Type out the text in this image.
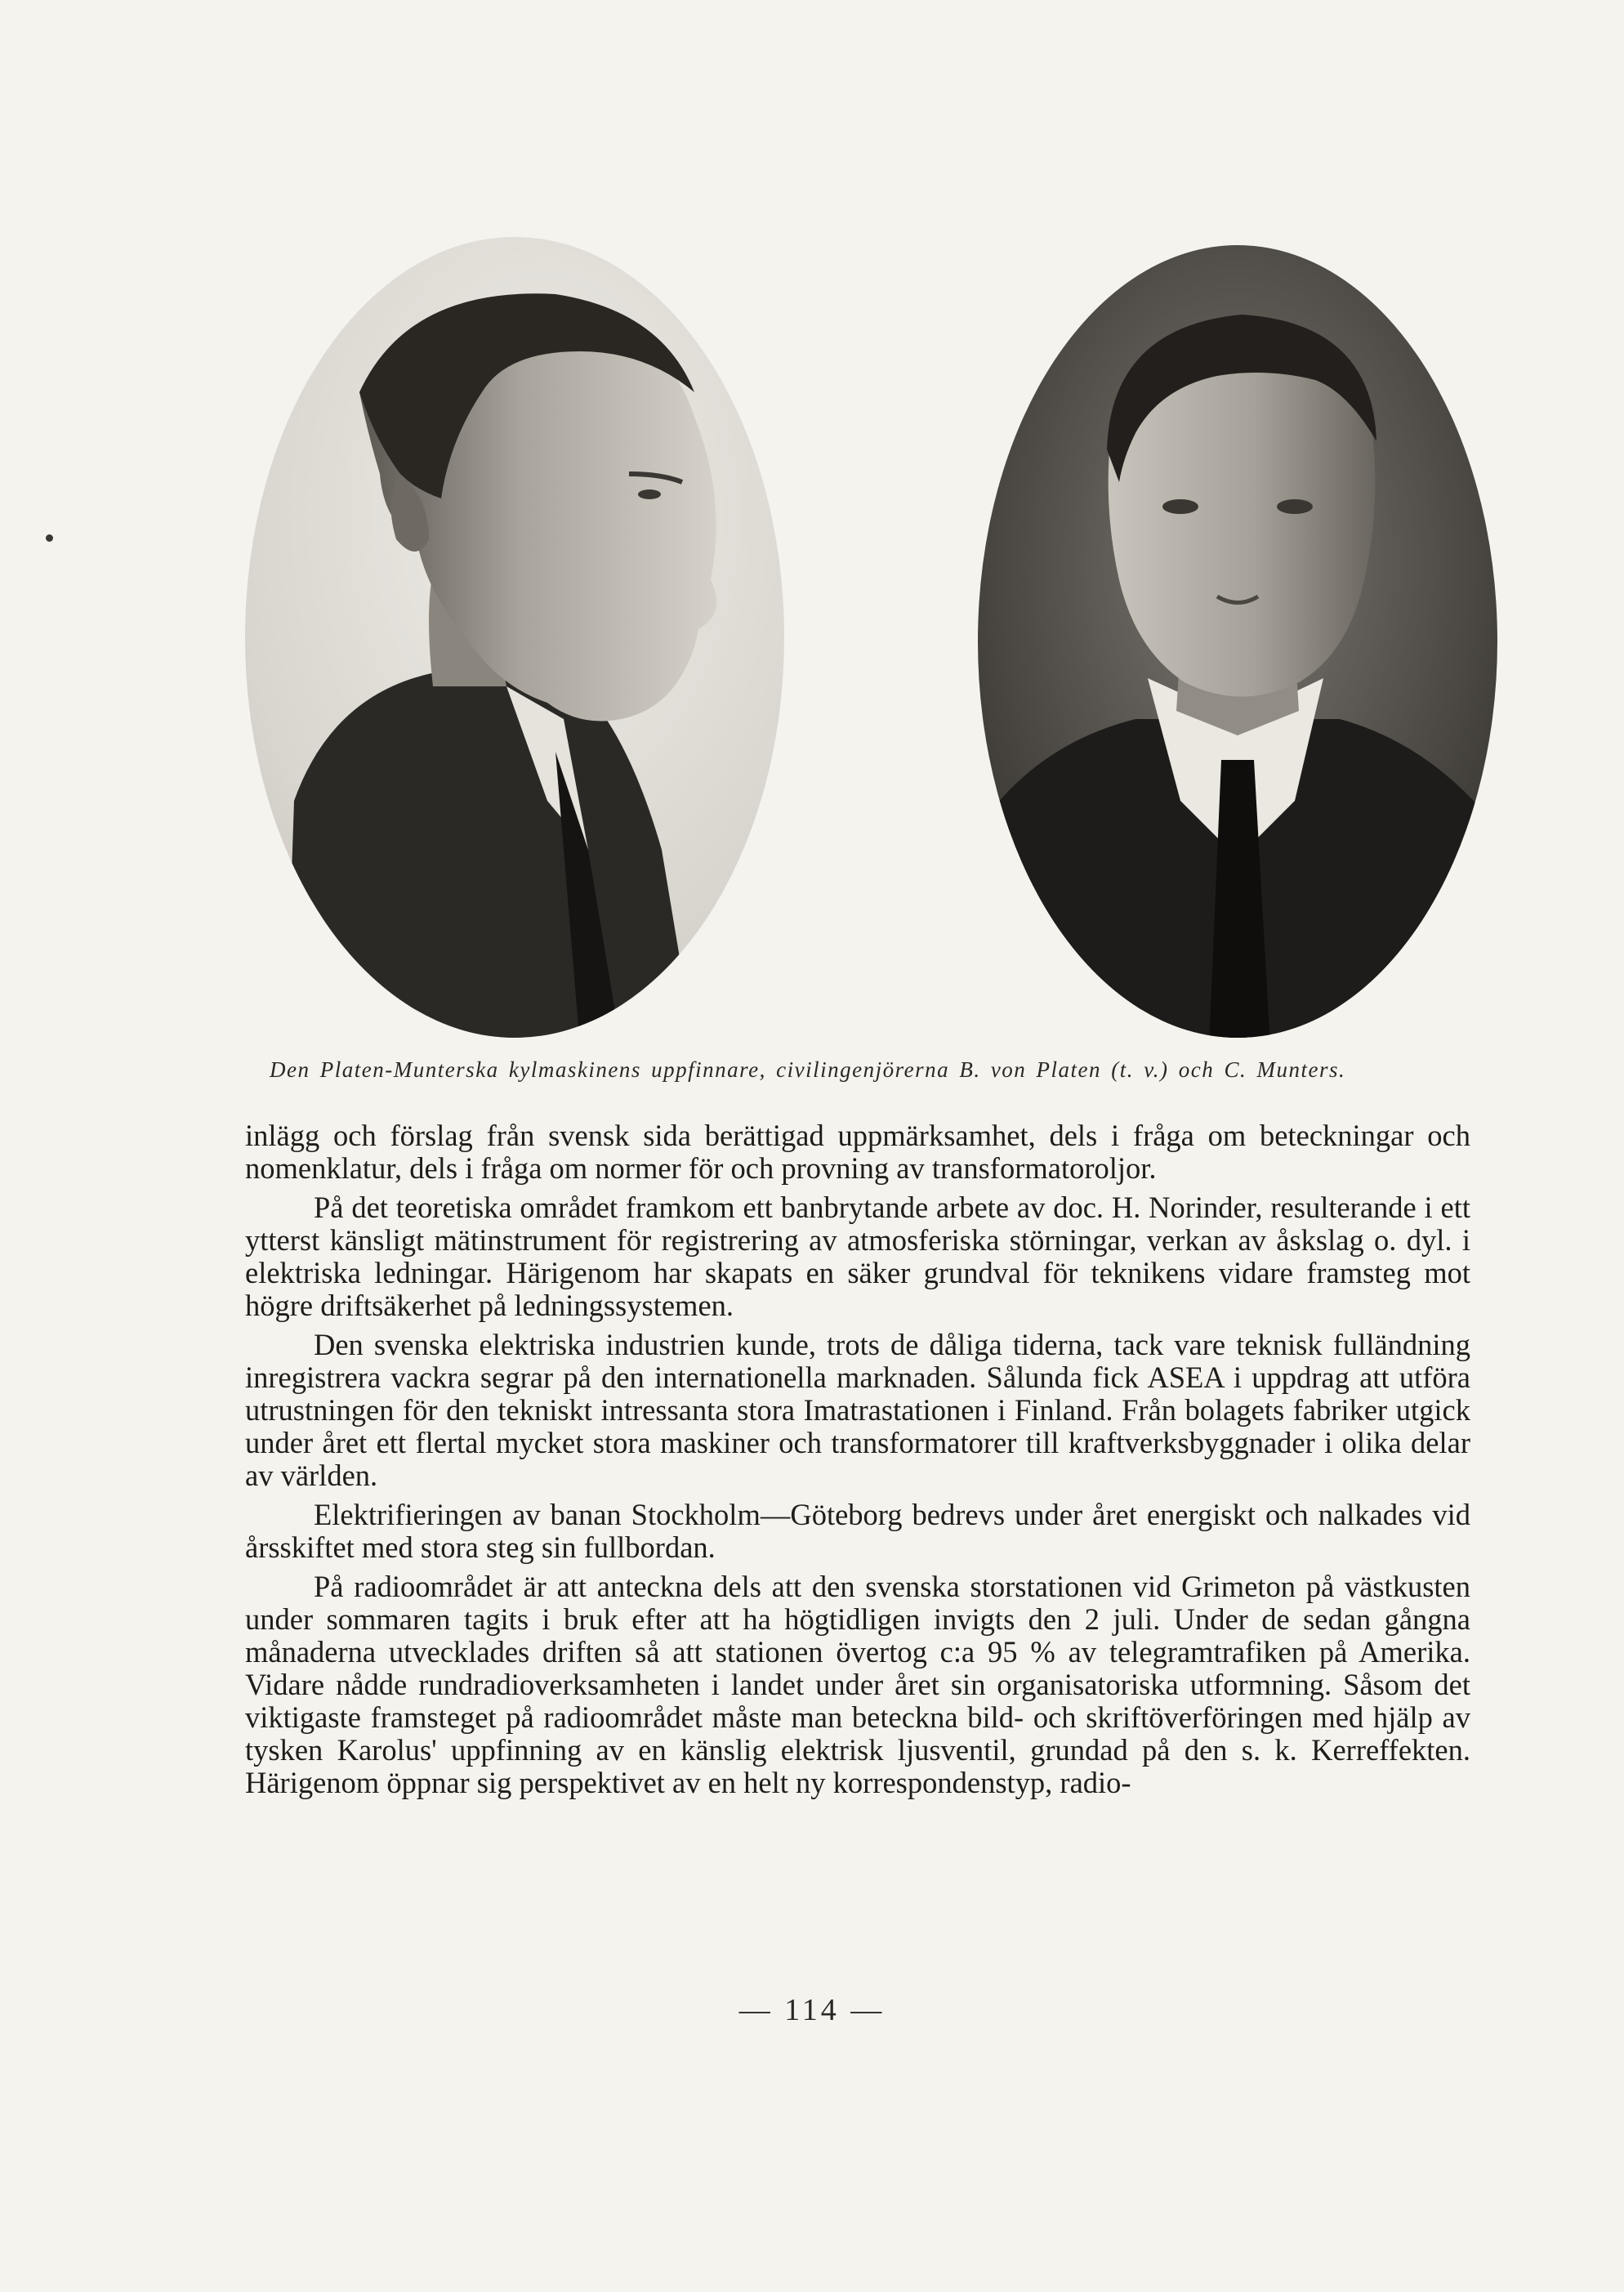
Den Platen-Munterska kylmaskinens uppfinnare, civilingenjörerna B. von Platen (t. v.) och C. Munters.

inlägg och förslag från svensk sida berättigad uppmärksamhet, dels i fråga om beteckningar och nomenklatur, dels i fråga om normer för och provning av transformatoroljor.

På det teoretiska området framkom ett banbrytande arbete av doc. H. Norinder, resulterande i ett ytterst känsligt mätinstrument för registrering av atmosferiska störningar, verkan av åskslag o. dyl. i elektriska ledningar. Härigenom har skapats en säker grundval för teknikens vidare framsteg mot högre driftsäkerhet på ledningssystemen.

Den svenska elektriska industrien kunde, trots de dåliga tiderna, tack vare teknisk fulländning inregistrera vackra segrar på den internationella marknaden. Sålunda fick ASEA i uppdrag att utföra utrustningen för den tekniskt intressanta stora Imatrastationen i Finland. Från bolagets fabriker utgick under året ett flertal mycket stora maskiner och transformatorer till kraftverksbyggnader i olika delar av världen.

Elektrifieringen av banan Stockholm—Göteborg bedrevs under året energiskt och nalkades vid årsskiftet med stora steg sin fullbordan.

På radioområdet är att anteckna dels att den svenska storstationen vid Grimeton på västkusten under sommaren tagits i bruk efter att ha högtidligen invigts den 2 juli. Under de sedan gångna månaderna utvecklades driften så att stationen övertog c:a 95 % av telegramtrafiken på Amerika. Vidare nådde rundradioverksamheten i landet under året sin organisatoriska utformning. Såsom det viktigaste framsteget på radioområdet måste man beteckna bild- och skriftöverföringen med hjälp av tysken Karolus' uppfinning av en känslig elektrisk ljusventil, grundad på den s. k. Kerreffekten. Härigenom öppnar sig perspektivet av en helt ny korrespondenstyp, radio-

— 114 —
